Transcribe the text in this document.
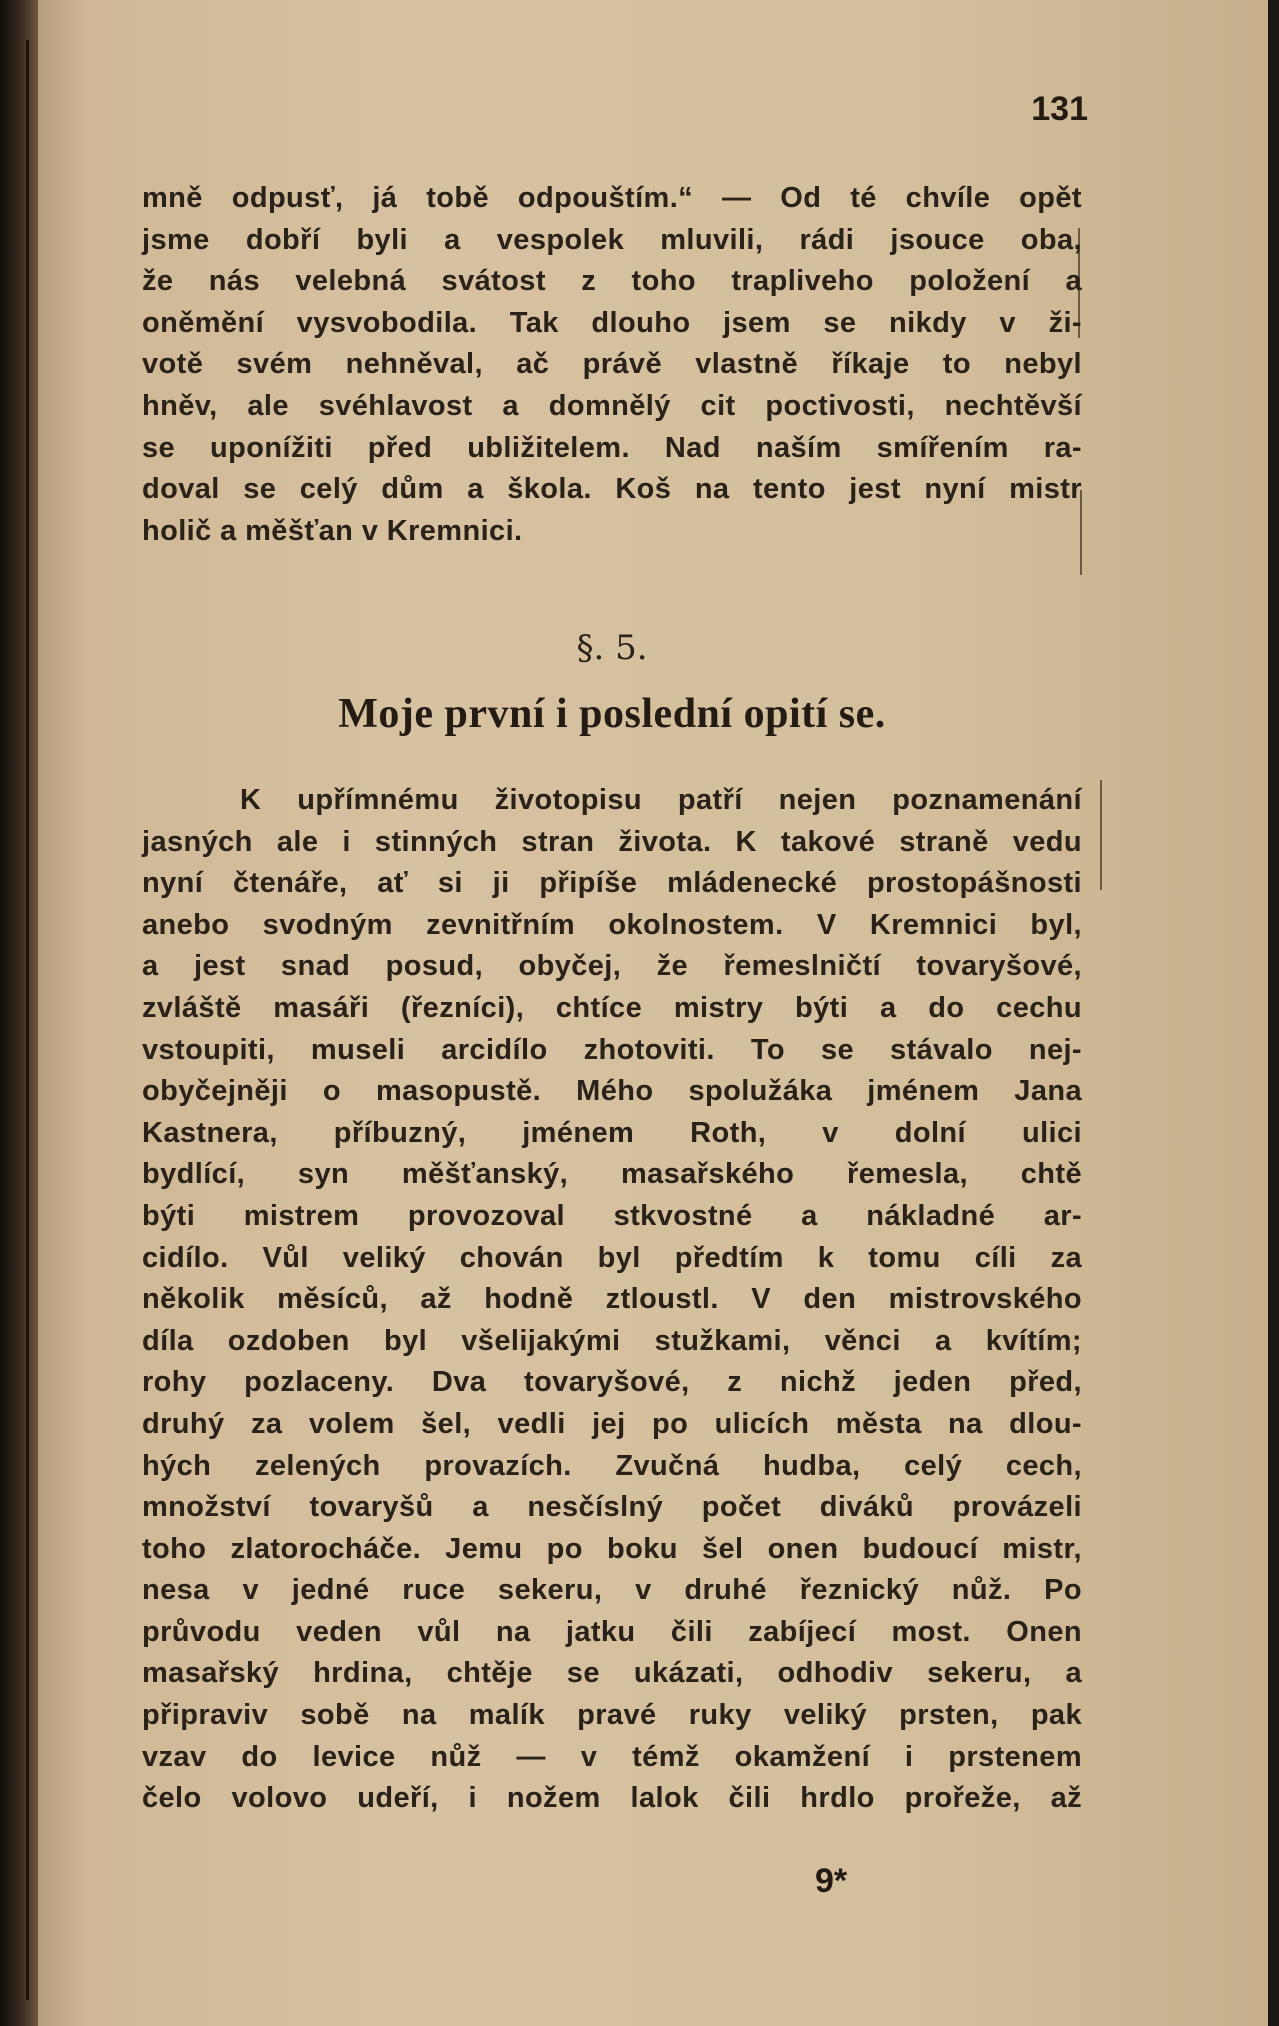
131
mně odpusť, já tobě odpouštím.“ — Od té chvíle opět
jsme dobří byli a vespolek mluvili, rádi jsouce oba,
že nás velebná svátost z toho trapliveho položení a
oněmění vysvobodila. Tak dlouho jsem se nikdy v ži-
votě svém nehněval, ač právě vlastně říkaje to nebyl
hněv, ale svéhlavost a domnělý cit poctivosti, nechtěvší
se uponížiti před ubližitelem. Nad naším smířením ra-
doval se celý dům a škola. Koš na tento jest nyní mistr
holič a měšťan v Kremnici.
§. 5.
Moje první i poslední opití se.
K upřímnému životopisu patří nejen poznamenání
jasných ale i stinných stran života. K takové straně vedu
nyní čtenáře, ať si ji připíše mládenecké prostopášnosti
anebo svodným zevnitřním okolnostem. V Kremnici byl,
a jest snad posud, obyčej, že řemeslničtí tovaryšové,
zvláště masáři (řezníci), chtíce mistry býti a do cechu
vstoupiti, museli arcidílo zhotoviti. To se stávalo nej-
obyčejněji o masopustě. Mého spolužáka jménem Jana
Kastnera, příbuzný, jménem Roth, v dolní ulici
bydlící, syn měšťanský, masařského řemesla, chtě
býti mistrem provozoval stkvostné a nákladné ar-
cidílo. Vůl veliký chován byl předtím k tomu cíli za
několik měsíců, až hodně ztloustl. V den mistrovského
díla ozdoben byl všelijakými stužkami, věnci a kvítím;
rohy pozlaceny. Dva tovaryšové, z nichž jeden před,
druhý za volem šel, vedli jej po ulicích města na dlou-
hých zelených provazích. Zvučná hudba, celý cech,
množství tovaryšů a nesčíslný počet diváků provázeli
toho zlatorocháče. Jemu po boku šel onen budoucí mistr,
nesa v jedné ruce sekeru, v druhé řeznický nůž. Po
průvodu veden vůl na jatku čili zabíjecí most. Onen
masařský hrdina, chtěje se ukázati, odhodiv sekeru, a
připraviv sobě na malík pravé ruky veliký prsten, pak
vzav do levice nůž — v témž okamžení i prstenem
čelo volovo udeří, i nožem lalok čili hrdlo prořeže, až
9*
